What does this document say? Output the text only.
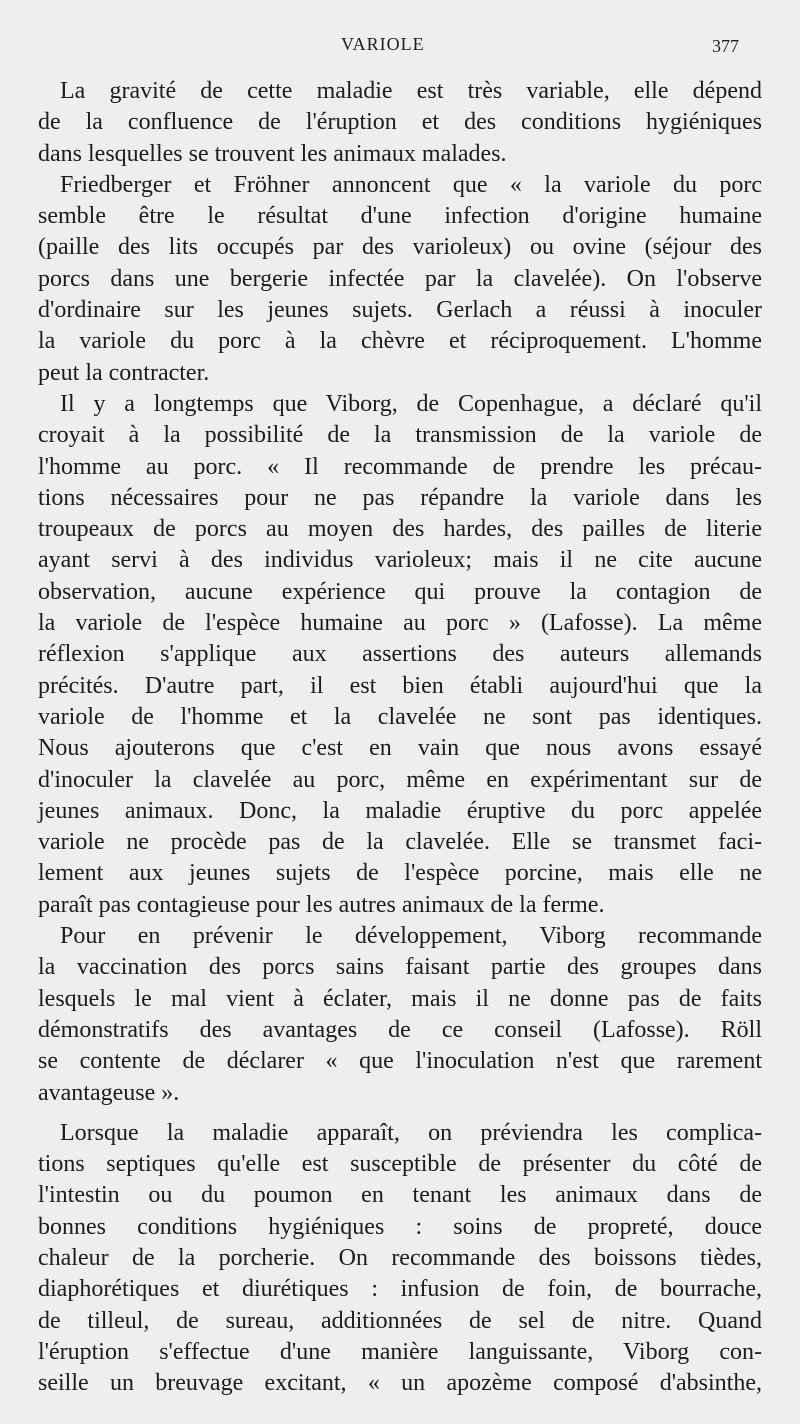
VARIOLE	377
La gravité de cette maladie est très variable, elle dépend
de la confluence de l'éruption et des conditions hygiéniques
dans lesquelles se trouvent les animaux malades.
Friedberger et Fröhner annoncent que « la variole du porc
semble être le résultat d'une infection d'origine humaine
(paille des lits occupés par des varioleux) ou ovine (séjour des
porcs dans une bergerie infectée par la clavelée). On l'observe
d'ordinaire sur les jeunes sujets. Gerlach a réussi à inoculer
la variole du porc à la chèvre et réciproquement. L'homme
peut la contracter.
Il y a longtemps que Viborg, de Copenhague, a déclaré qu'il
croyait à la possibilité de la transmission de la variole de
l'homme au porc. « Il recommande de prendre les précau-
tions nécessaires pour ne pas répandre la variole dans les
troupeaux de porcs au moyen des hardes, des pailles de literie
ayant servi à des individus varioleux; mais il ne cite aucune
observation, aucune expérience qui prouve la contagion de
la variole de l'espèce humaine au porc » (Lafosse). La même
réflexion s'applique aux assertions des auteurs allemands
précités. D'autre part, il est bien établi aujourd'hui que la
variole de l'homme et la clavelée ne sont pas identiques.
Nous ajouterons que c'est en vain que nous avons essayé
d'inoculer la clavelée au porc, même en expérimentant sur de
jeunes animaux. Donc, la maladie éruptive du porc appelée
variole ne procède pas de la clavelée. Elle se transmet faci-
lement aux jeunes sujets de l'espèce porcine, mais elle ne
paraît pas contagieuse pour les autres animaux de la ferme.
Pour en prévenir le développement, Viborg recommande
la vaccination des porcs sains faisant partie des groupes dans
lesquels le mal vient à éclater, mais il ne donne pas de faits
démonstratifs des avantages de ce conseil (Lafosse). Röll
se contente de déclarer « que l'inoculation n'est que rarement
avantageuse ».
Lorsque la maladie apparaît, on préviendra les complica-
tions septiques qu'elle est susceptible de présenter du côté de
l'intestin ou du poumon en tenant les animaux dans de
bonnes conditions hygiéniques : soins de propreté, douce
chaleur de la porcherie. On recommande des boissons tièdes,
diaphorétiques et diurétiques : infusion de foin, de bourrache,
de tilleul, de sureau, additionnées de sel de nitre. Quand
l'éruption s'effectue d'une manière languissante, Viborg con-
seille un breuvage excitant, « un apozème composé d'absinthe,
